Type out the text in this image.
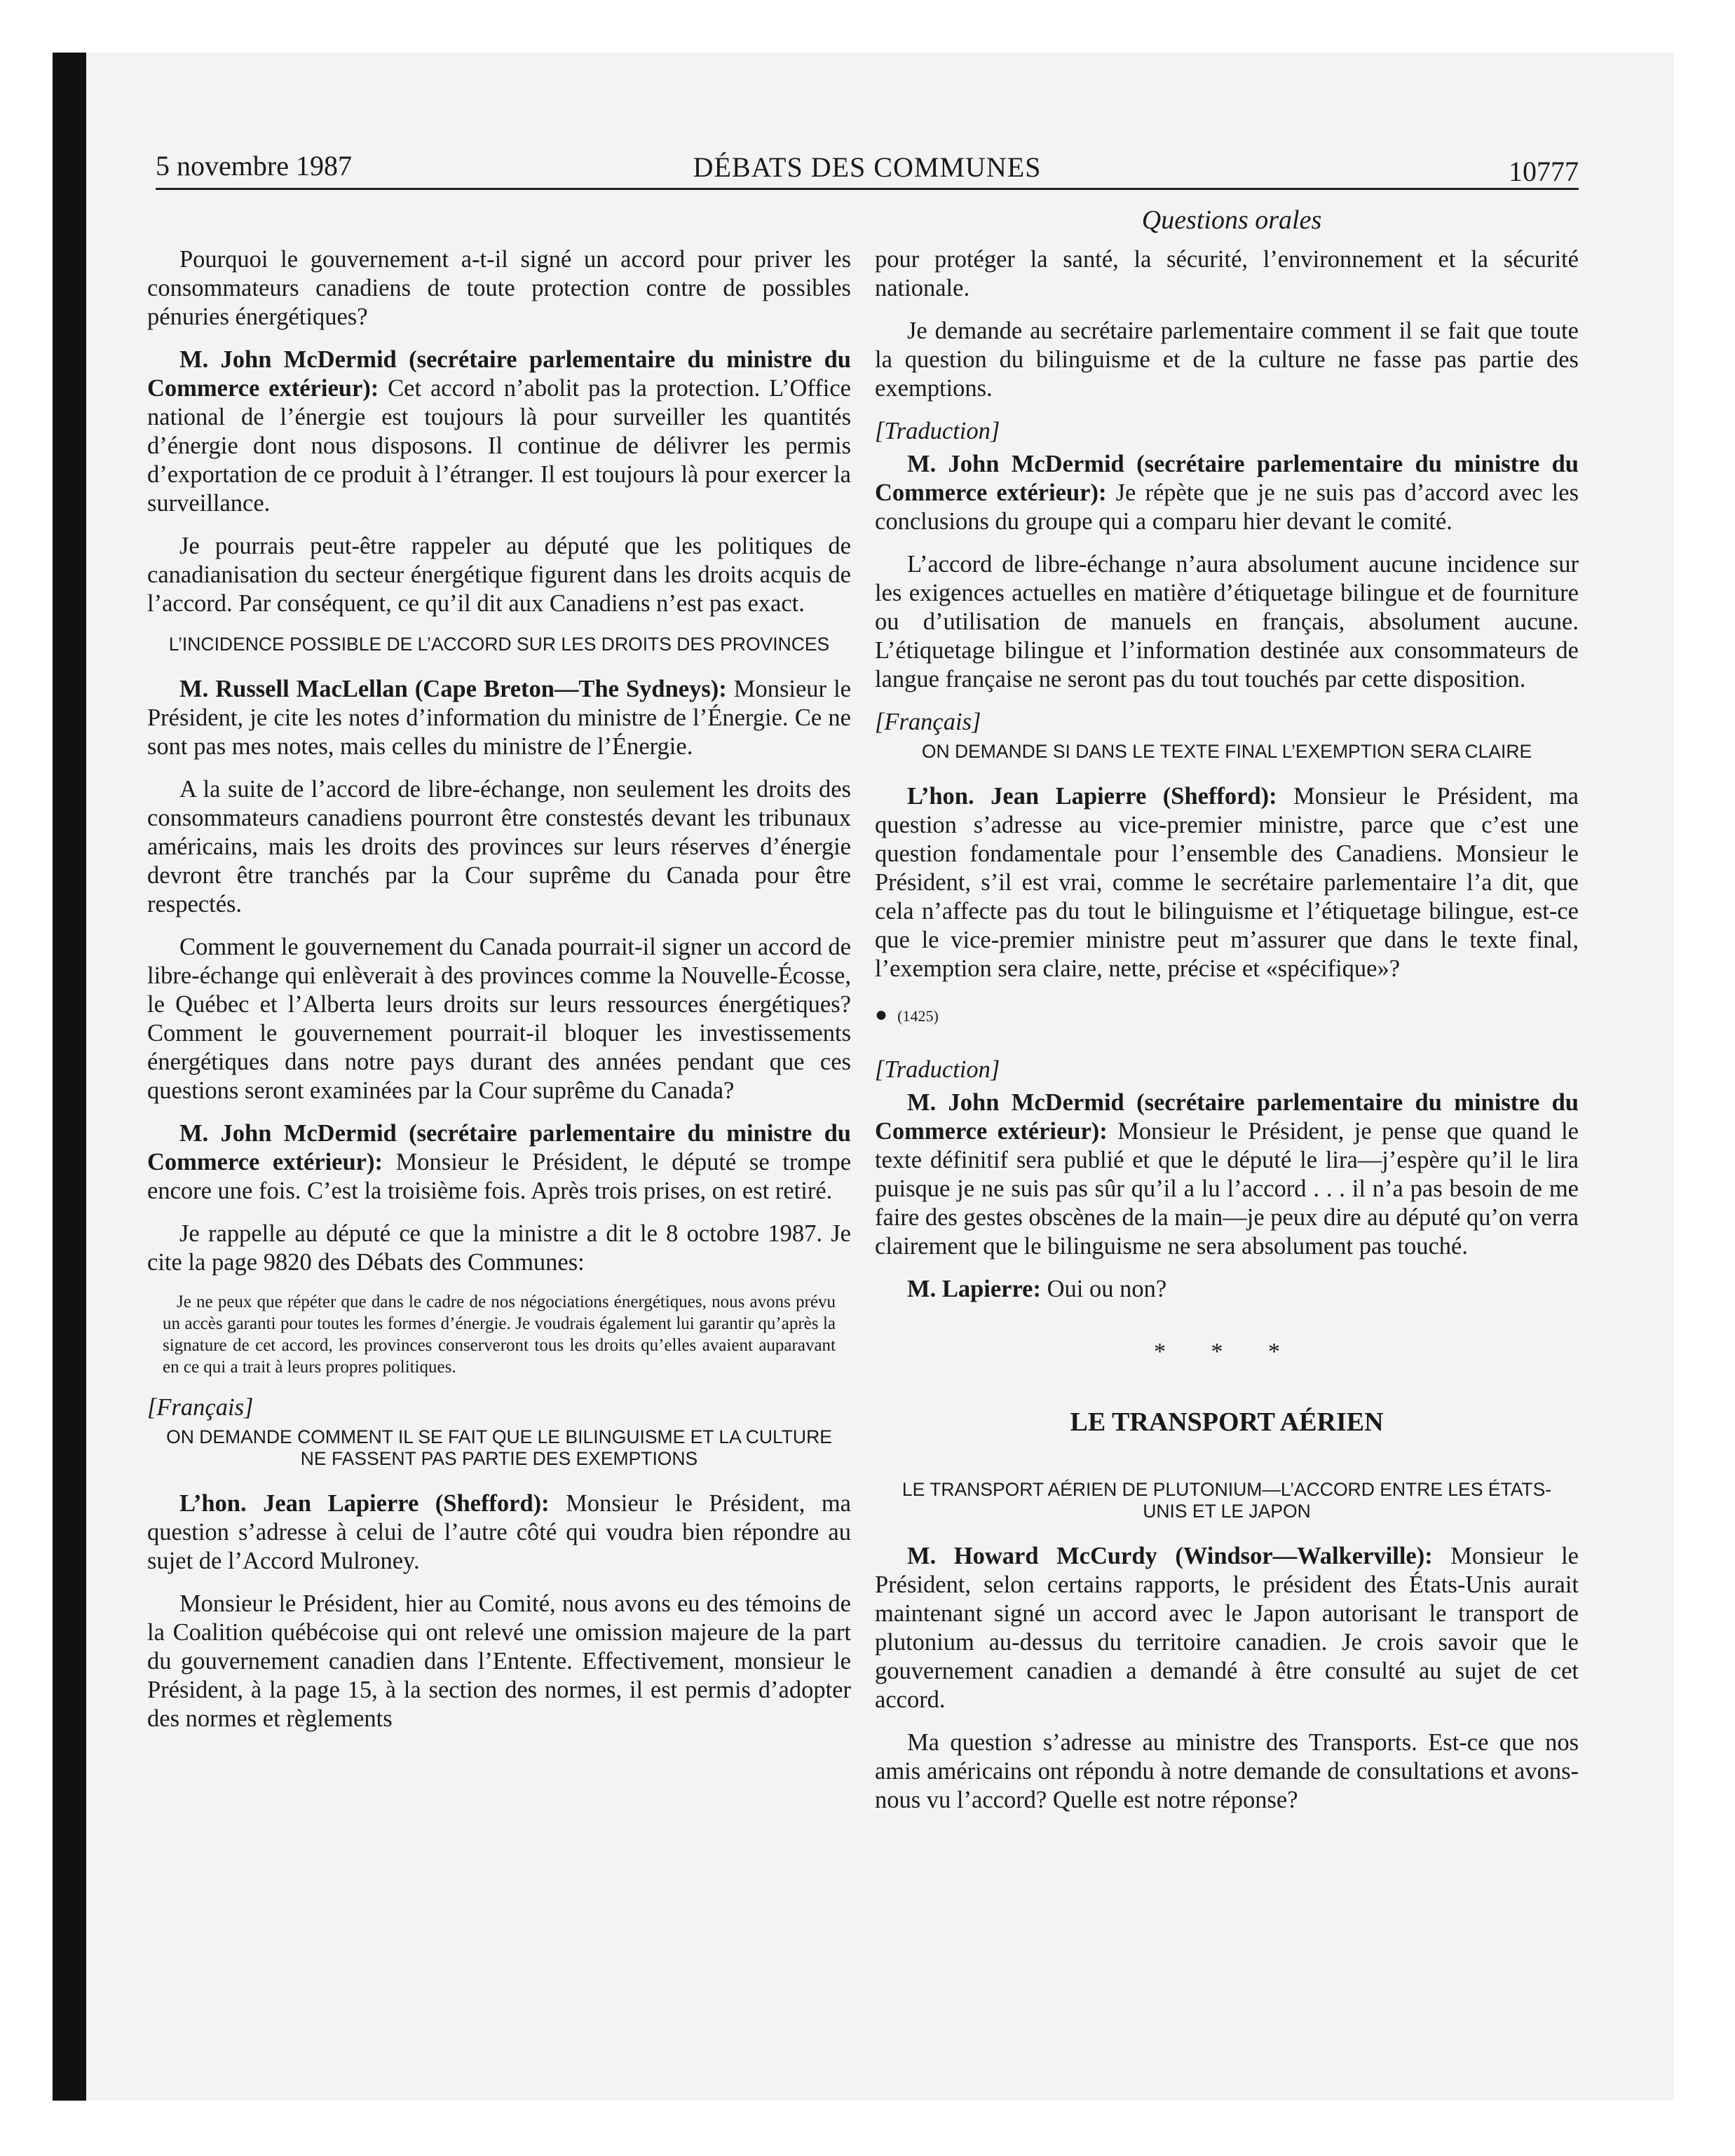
5 novembre 1987	DÉBATS DES COMMUNES	10777
Questions orales

Pourquoi le gouvernement a-t-il signé un accord pour priver les consommateurs canadiens de toute protection contre de possibles pénuries énergétiques?

M. John McDermid (secrétaire parlementaire du ministre du Commerce extérieur): Cet accord n’abolit pas la protection. L’Office national de l’énergie est toujours là pour surveiller les quantités d’énergie dont nous disposons. Il continue de délivrer les permis d’exportation de ce produit à l’étranger. Il est toujours là pour exercer la surveillance.

Je pourrais peut-être rappeler au député que les politiques de canadianisation du secteur énergétique figurent dans les droits acquis de l’accord. Par conséquent, ce qu’il dit aux Canadiens n’est pas exact.

L’INCIDENCE POSSIBLE DE L’ACCORD SUR LES DROITS DES PROVINCES

M. Russell MacLellan (Cape Breton—The Sydneys): Monsieur le Président, je cite les notes d’information du ministre de l’Énergie. Ce ne sont pas mes notes, mais celles du ministre de l’Énergie.

A la suite de l’accord de libre-échange, non seulement les droits des consommateurs canadiens pourront être constestés devant les tribunaux américains, mais les droits des provinces sur leurs réserves d’énergie devront être tranchés par la Cour suprême du Canada pour être respectés.

Comment le gouvernement du Canada pourrait-il signer un accord de libre-échange qui enlèverait à des provinces comme la Nouvelle-Écosse, le Québec et l’Alberta leurs droits sur leurs ressources énergétiques? Comment le gouvernement pourrait-il bloquer les investissements énergétiques dans notre pays durant des années pendant que ces questions seront examinées par la Cour suprême du Canada?

M. John McDermid (secrétaire parlementaire du ministre du Commerce extérieur): Monsieur le Président, le député se trompe encore une fois. C’est la troisième fois. Après trois prises, on est retiré.

Je rappelle au député ce que la ministre a dit le 8 octobre 1987. Je cite la page 9820 des Débats des Communes:

Je ne peux que répéter que dans le cadre de nos négociations énergétiques, nous avons prévu un accès garanti pour toutes les formes d’énergie. Je voudrais également lui garantir qu’après la signature de cet accord, les provinces conserveront tous les droits qu’elles avaient auparavant en ce qui a trait à leurs propres politiques.
[Français]
ON DEMANDE COMMENT IL SE FAIT QUE LE BILINGUISME ET LA CULTURE NE FASSENT PAS PARTIE DES EXEMPTIONS

L’hon. Jean Lapierre (Shefford): Monsieur le Président, ma question s’adresse à celui de l’autre côté qui voudra bien répondre au sujet de l’Accord Mulroney.

Monsieur le Président, hier au Comité, nous avons eu des témoins de la Coalition québécoise qui ont relevé une omission majeure de la part du gouvernement canadien dans l’Entente. Effectivement, monsieur le Président, à la page 15, à la section des normes, il est permis d’adopter des normes et règlements

pour protéger la santé, la sécurité, l’environnement et la sécurité nationale.

Je demande au secrétaire parlementaire comment il se fait que toute la question du bilinguisme et de la culture ne fasse pas partie des exemptions.

[Traduction]

M. John McDermid (secrétaire parlementaire du ministre du Commerce extérieur): Je répète que je ne suis pas d’accord avec les conclusions du groupe qui a comparu hier devant le comité.

L’accord de libre-échange n’aura absolument aucune incidence sur les exigences actuelles en matière d’étiquetage bilingue et de fourniture ou d’utilisation de manuels en français, absolument aucune. L’étiquetage bilingue et l’information destinée aux consommateurs de langue française ne seront pas du tout touchés par cette disposition.

[Français]
ON DEMANDE SI DANS LE TEXTE FINAL L’EXEMPTION SERA CLAIRE

L’hon. Jean Lapierre (Shefford): Monsieur le Président, ma question s’adresse au vice-premier ministre, parce que c’est une question fondamentale pour l’ensemble des Canadiens. Monsieur le Président, s’il est vrai, comme le secrétaire parlementaire l’a dit, que cela n’affecte pas du tout le bilinguisme et l’étiquetage bilingue, est-ce que le vice-premier ministre peut m’assurer que dans le texte final, l’exemption sera claire, nette, précise et «spécifique»?

● (1425)
[Traduction]

M. John McDermid (secrétaire parlementaire du ministre du Commerce extérieur): Monsieur le Président, je pense que quand le texte définitif sera publié et que le député le lira—j’espère qu’il le lira puisque je ne suis pas sûr qu’il a lu l’accord . . . il n’a pas besoin de me faire des gestes obscènes de la main—je peux dire au député qu’on verra clairement que le bilinguisme ne sera absolument pas touché.

M. Lapierre: Oui ou non?

* * *
LE TRANSPORT AÉRIEN
LE TRANSPORT AÉRIEN DE PLUTONIUM—L’ACCORD ENTRE LES ÉTATS-UNIS ET LE JAPON

M. Howard McCurdy (Windsor—Walkerville): Monsieur le Président, selon certains rapports, le président des États-Unis aurait maintenant signé un accord avec le Japon autorisant le transport de plutonium au-dessus du territoire canadien. Je crois savoir que le gouvernement canadien a demandé à être consulté au sujet de cet accord.

Ma question s’adresse au ministre des Transports. Est-ce que nos amis américains ont répondu à notre demande de consultations et avons-nous vu l’accord? Quelle est notre réponse?
